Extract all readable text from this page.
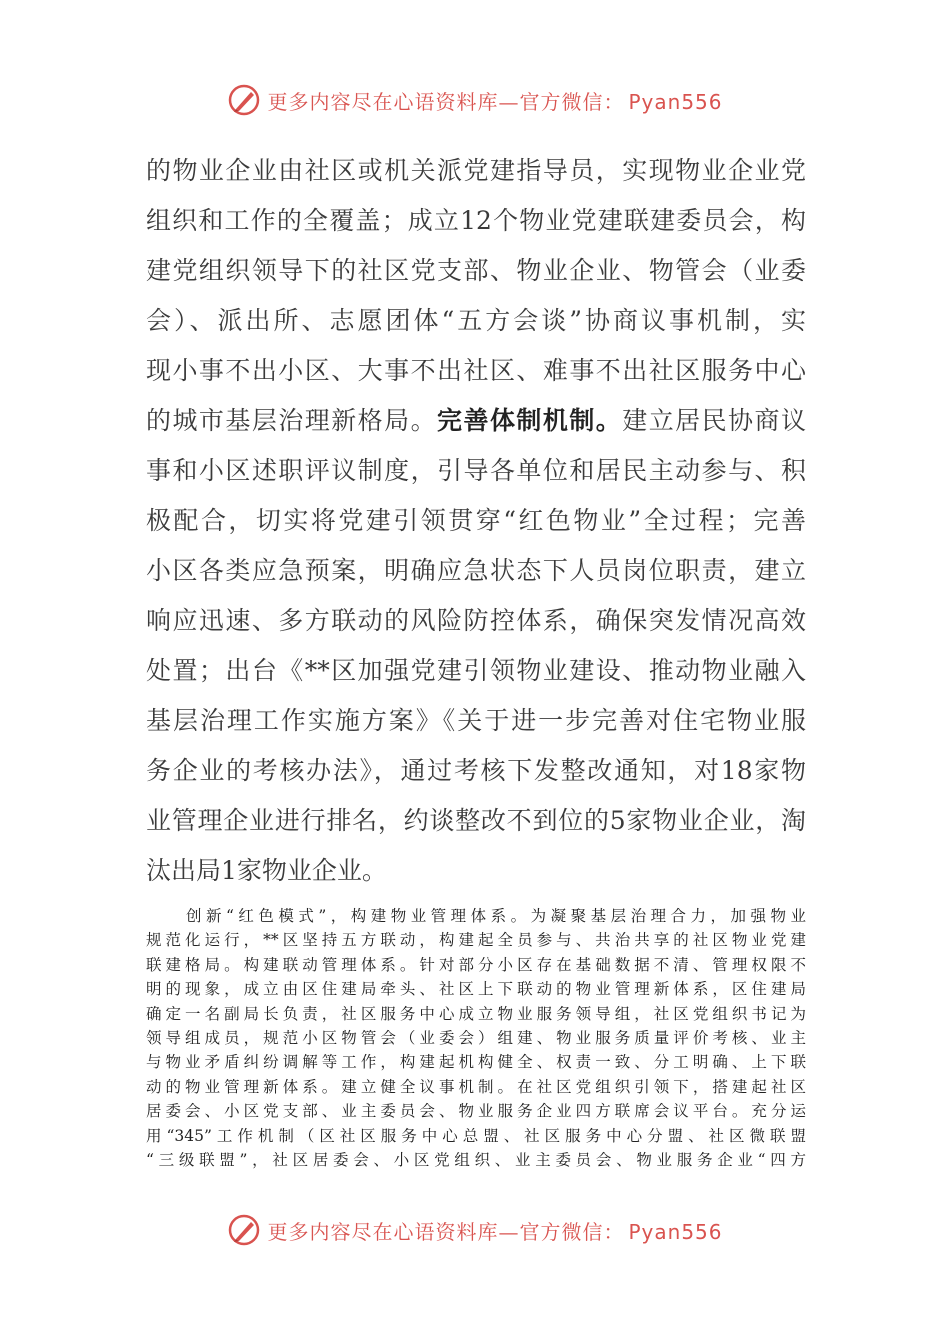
更多内容尽在心语资料库—官方微信： Pyan556
的物业企业由社区或机关派党建指导员，实现物业企业党
组织和工作的全覆盖；成立12个物业党建联建委员会，构
建党组织领导下的社区党支部、物业企业、物管会（业委
会）、派出所、志愿团体“五方会谈”协商议事机制，实
现小事不出小区、大事不出社区、难事不出社区服务中心
的城市基层治理新格局。完善体制机制。建立居民协商议
事和小区述职评议制度，引导各单位和居民主动参与、积
极配合，切实将党建引领贯穿“红色物业”全过程；完善
小区各类应急预案，明确应急状态下人员岗位职责，建立
响应迅速、多方联动的风险防控体系，确保突发情况高效
处置；出台《**区加强党建引领物业建设、推动物业融入
基层治理工作实施方案》《关于进一步完善对住宅物业服
务企业的考核办法》，通过考核下发整改通知，对18家物
业管理企业进行排名，约谈整改不到位的5家物业企业，淘
汰出局1家物业企业。
　　创新“红色模式”，构建物业管理体系。为凝聚基层治理合力，加强物业
规范化运行，**区坚持五方联动，构建起全员参与、共治共享的社区物业党建
联建格局。构建联动管理体系。针对部分小区存在基础数据不清、管理权限不
明的现象，成立由区住建局牵头、社区上下联动的物业管理新体系，区住建局
确定一名副局长负责，社区服务中心成立物业服务领导组，社区党组织书记为
领导组成员，规范小区物管会（业委会）组建、物业服务质量评价考核、业主
与物业矛盾纠纷调解等工作，构建起机构健全、权责一致、分工明确、上下联
动的物业管理新体系。建立健全议事机制。在社区党组织引领下，搭建起社区
居委会、小区党支部、业主委员会、物业服务企业四方联席会议平台。充分运
用“345”工作机制（区社区服务中心总盟、社区服务中心分盟、社区微联盟
“三级联盟”，社区居委会、小区党组织、业主委员会、物业服务企业“四方
更多内容尽在心语资料库—官方微信： Pyan556
